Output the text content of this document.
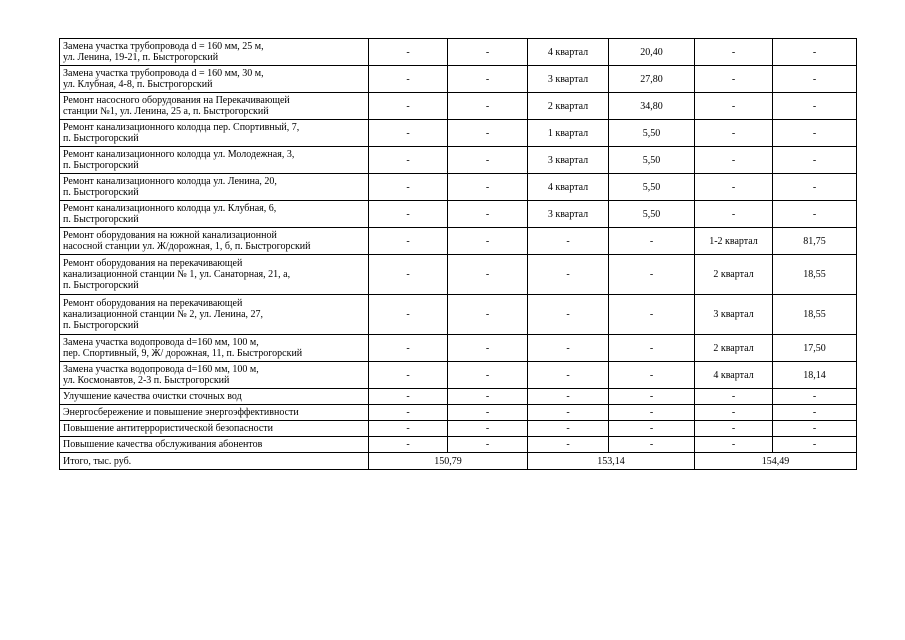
Замена участка трубопровода d = 160 мм, 25 м,
ул. Ленина, 19-21, п. Быстрогорский	-	-	4 квартал	20,40	-	-

Замена участка трубопровода d = 160 мм, 30 м,
ул. Клубная, 4-8, п. Быстрогорский	-	-	3 квартал	27,80	-	-

Ремонт насосного оборудования на Перекачивающей
станции №1, ул. Ленина, 25 а, п. Быстрогорский	-	-	2 квартал	34,80	-	-

Ремонт канализационного колодца пер. Спортивный, 7,
п. Быстрогорский	-	-	1 квартал	5,50	-	-

Ремонт канализационного колодца ул. Молодежная, 3,
п. Быстрогорский	-	-	3 квартал	5,50	-	-

Ремонт канализационного колодца ул. Ленина, 20,
п. Быстрогорский	-	-	4 квартал	5,50	-	-

Ремонт канализационного колодца ул. Клубная, 6,
п. Быстрогорский	-	-	3 квартал	5,50	-	-

Ремонт оборудования на южной канализационной
насосной станции ул. Ж/дорожная, 1, б, п. Быстрогорский	-	-	-	-	1-2 квартал	81,75

Ремонт оборудования на перекачивающей
канализационной станции № 1, ул. Санаторная, 21, а,
п. Быстрогорский	-	-	-	-	2 квартал	18,55

Ремонт оборудования на перекачивающей
канализационной станции № 2, ул. Ленина, 27,
п. Быстрогорский	-	-	-	-	3 квартал	18,55

Замена участка водопровода d=160 мм, 100 м,
пер. Спортивный, 9, Ж/ дорожная, 11, п. Быстрогорский	-	-	-	-	2 квартал	17,50

Замена участка водопровода d=160 мм, 100 м,
ул. Космонавтов, 2-3 п. Быстрогорский	-	-	-	-	4 квартал	18,14

Улучшение качества очистки сточных вод	-	-	-	-	-	-

Энергосбережение и повышение энергоэффективности	-	-	-	-	-	-

Повышение антитеррористической безопасности	-	-	-	-	-	-

Повышение качества обслуживания абонентов	-	-	-	-	-	-
Итого, тыс. руб.	150,79		153,14		154,49	
